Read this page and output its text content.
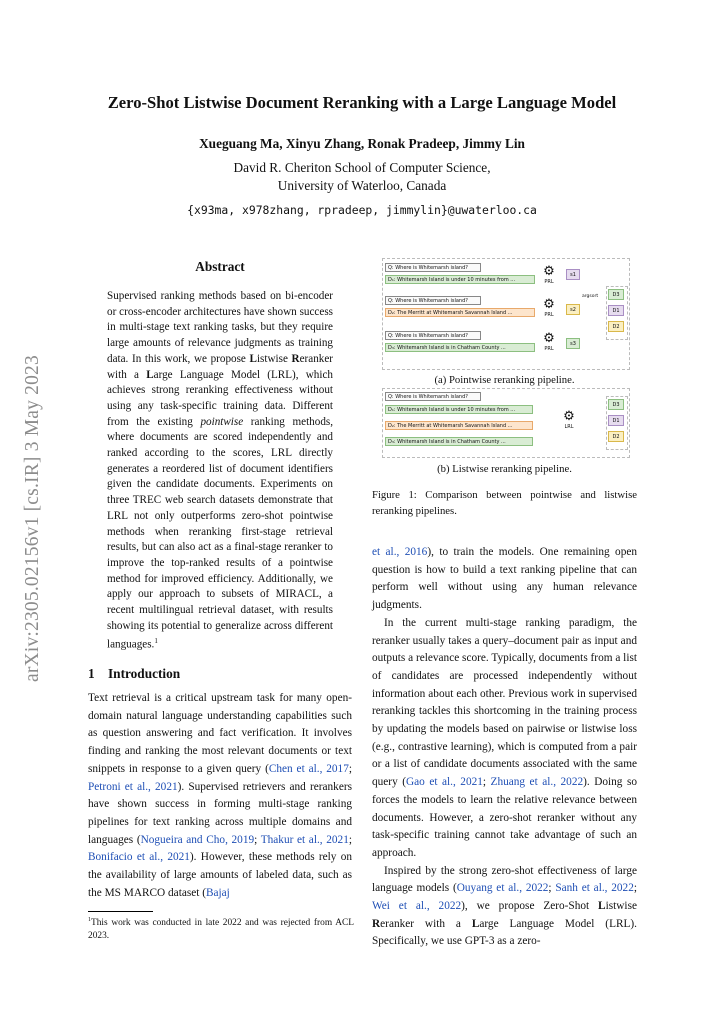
Zero-Shot Listwise Document Reranking with a Large Language Model
Xueguang Ma, Xinyu Zhang, Ronak Pradeep, Jimmy Lin
David R. Cheriton School of Computer Science,
University of Waterloo, Canada
{x93ma, x978zhang, rpradeep, jimmylin}@uwaterloo.ca
arXiv:2305.02156v1 [cs.IR] 3 May 2023
Abstract
Supervised ranking methods based on bi-encoder or cross-encoder architectures have shown success in multi-stage text ranking tasks, but they require large amounts of relevance judgments as training data. In this work, we propose Listwise Reranker with a Large Language Model (LRL), which achieves strong reranking effectiveness without using any task-specific training data. Different from the existing pointwise ranking methods, where documents are scored independently and ranked according to the scores, LRL directly generates a reordered list of document identifiers given the candidate documents. Experiments on three TREC web search datasets demonstrate that LRL not only outperforms zero-shot pointwise methods when reranking first-stage retrieval results, but can also act as a final-stage reranker to improve the top-ranked results of a pointwise method for improved efficiency. Additionally, we apply our approach to subsets of MIRACL, a recent multilingual retrieval dataset, with results showing its potential to generalize across different languages.$^1$
1 Introduction

Text retrieval is a critical upstream task for many open-domain natural language understanding capabilities such as question answering and fact verification. It involves finding and ranking the most relevant documents or text snippets in response to a given query (Chen et al., 2017; Petroni et al., 2021). Supervised retrievers and rerankers have shown success in forming multi-stage ranking pipelines for text ranking across multiple domains and languages (Nogueira and Cho, 2019; Thakur et al., 2021; Bonifacio et al., 2021). However, these methods rely on the availability of large amounts of labeled data, such as the MS MARCO dataset (Bajaj

$^1$This work was conducted in late 2022 and was rejected from ACL 2023.
Q: Where is Whitemarsh island?
D₁: Whitemarsh Island is under 10 minutes from ...
⚙
PRL
s1
Q: Where is Whitemarsh island?
D₂: The Merritt at Whitemarsh Savannah Island ...
⚙
PRL
s2
Q: Where is Whitemarsh island?
D₃: Whitemarsh Island is in Chatham County ...
⚙
PRL
s3
argsort	D3
D1
D2
(a) Pointwise reranking pipeline.
Q: Where is Whitemarsh island?
D₁: Whitemarsh Island is under 10 minutes from ...
D₂: The Merritt at Whitemarsh Savannah Island ...
D₃: Whitemarsh Island is in Chatham County ...
⚙
LRL
D3
D1
D2
(b) Listwise reranking pipeline.
Figure 1: Comparison between pointwise and listwise reranking pipelines.

et al., 2016), to train the models. One remaining open question is how to build a text ranking pipeline that can perform well without using any human relevance judgments.

In the current multi-stage ranking paradigm, the reranker usually takes a query–document pair as input and outputs a relevance score. Typically, documents from a list of candidates are processed independently without information about each other. Previous work in supervised reranking tackles this shortcoming in the training process by updating the models based on pairwise or listwise loss (e.g., contrastive learning), which is computed from a pair or a list of candidate documents associated with the same query (Gao et al., 2021; Zhuang et al., 2022). Doing so forces the models to learn the relative relevance between documents. However, a zero-shot reranker without any task-specific training cannot take advantage of such an approach.

Inspired by the strong zero-shot effectiveness of large language models (Ouyang et al., 2022; Sanh et al., 2022; Wei et al., 2022), we propose Zero-Shot Listwise Reranker with a Large Language Model (LRL). Specifically, we use GPT-3 as a zero-
